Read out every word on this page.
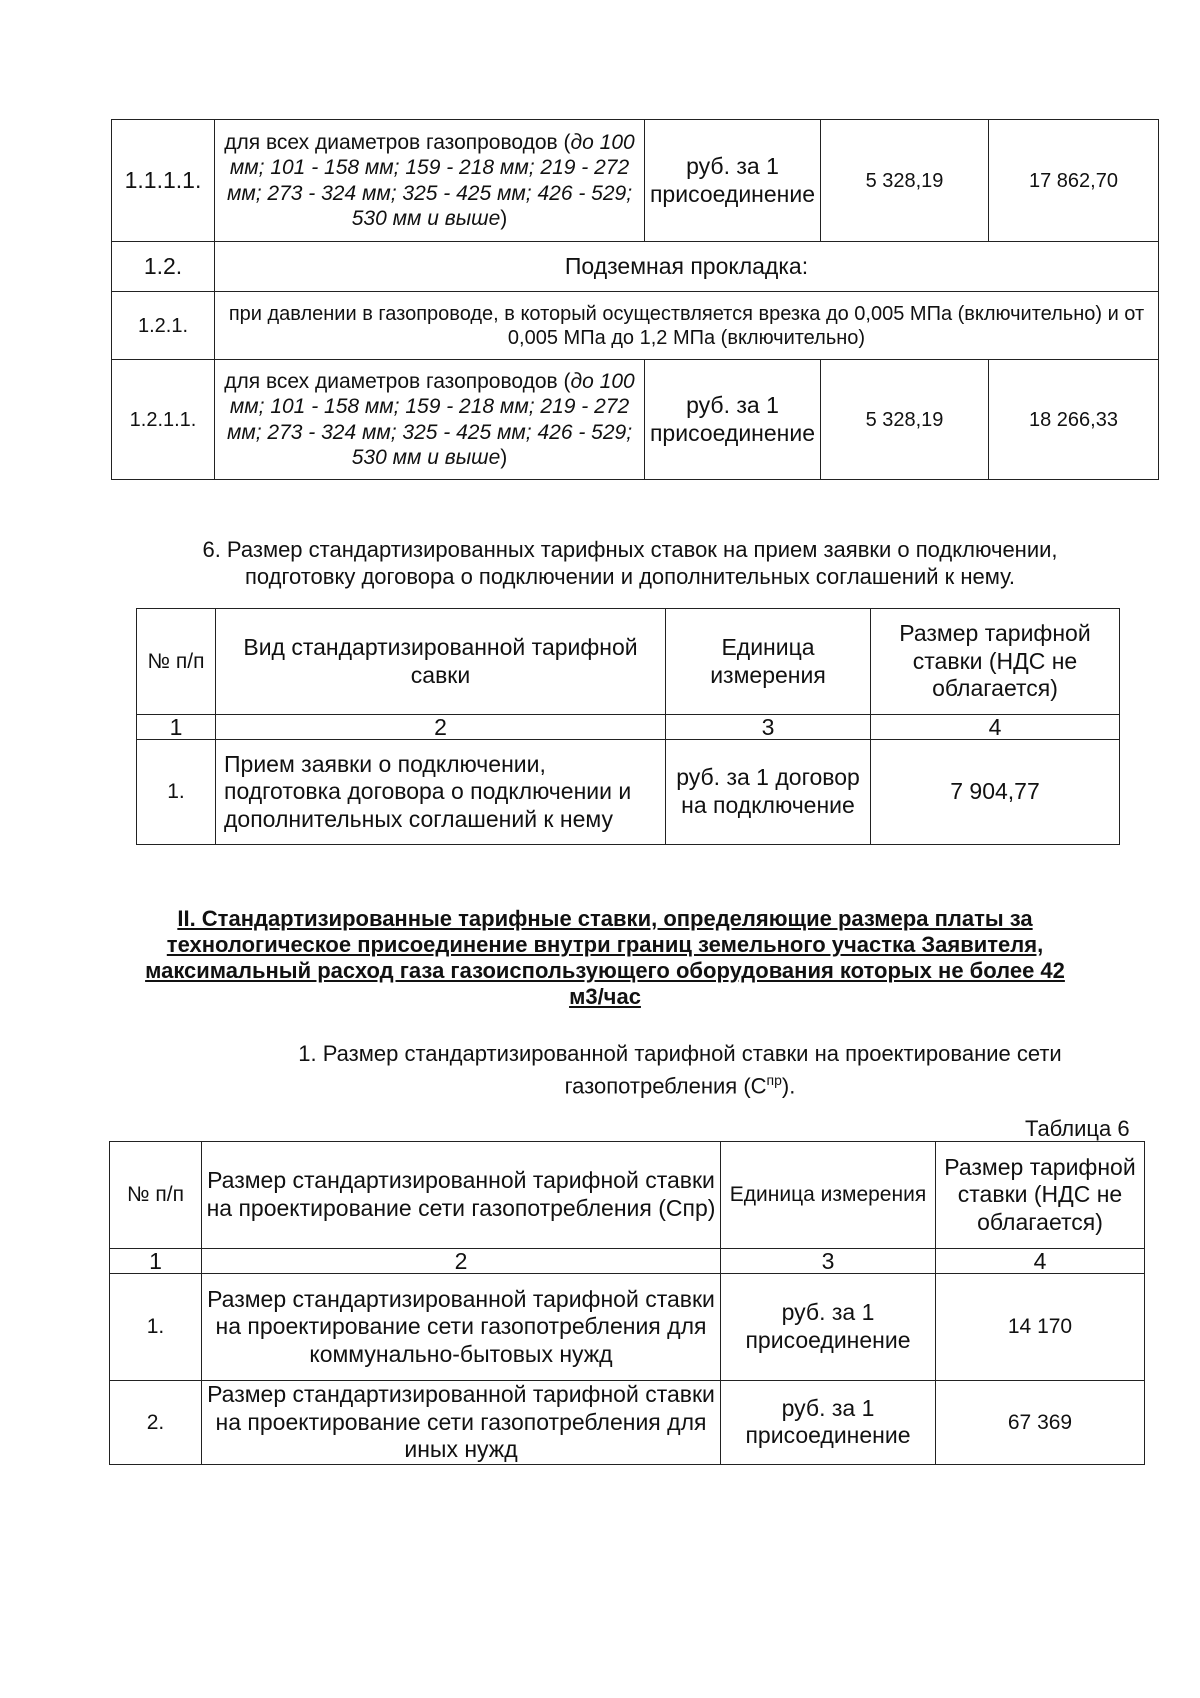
1.1.1.1.	для всех диаметров газопроводов (до 100 мм; 101 - 158 мм; 159 - 218 мм; 219 - 272 мм; 273 - 324 мм; 325 - 425 мм; 426 - 529; 530 мм и выше)	руб. за 1 присоединение	5 328,19	17 862,70
1.2.	Подземная прокладка:			
1.2.1.	при давлении в газопроводе, в который осуществляется врезка до 0,005 МПа (включительно) и от 0,005 МПа до 1,2 МПа (включительно)			
1.2.1.1.	для всех диаметров газопроводов (до 100 мм; 101 - 158 мм; 159 - 218 мм; 219 - 272 мм; 273 - 324 мм; 325 - 425 мм; 426 - 529; 530 мм и выше)	руб. за 1 присоединение	5 328,19	18 266,33
6. Размер стандартизированных тарифных ставок на прием заявки о подключении, подготовку договора о подключении и дополнительных соглашений к нему.
№ п/п	Вид стандартизированной тарифной савки	Единица измерения	Размер тарифной ставки (НДС не облагается)
1	2	3	4
1.	Прием заявки о подключении, подготовка договора о подключении и дополнительных соглашений к нему	руб. за 1 договор на подключение	7 904,77
II. Стандартизированные тарифные ставки, определяющие размера платы за технологическое присоединение внутри границ земельного участка Заявителя, максимальный расход газа газоиспользующего оборудования которых не более 42 м3/час
1. Размер стандартизированной тарифной ставки на проектирование сети газопотребления $(С^{пр})$.
Таблица 6
№ п/п	Размер стандартизированной тарифной ставки на проектирование сети газопотребления (Спр)	Единица измерения	Размер тарифной ставки (НДС не облагается)
1	2	3	4
1.	Размер стандартизированной тарифной ставки на проектирование сети газопотребления для коммунально-бытовых нужд	руб. за 1 присоединение	14 170
2.	Размер стандартизированной тарифной ставки на проектирование сети газопотребления для иных нужд	руб. за 1 присоединение	67 369
